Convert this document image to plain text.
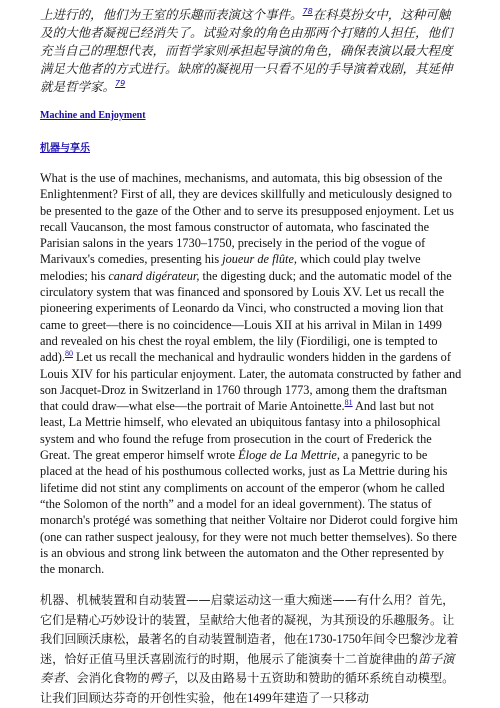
上进行的，他们为王室的乐趣而表演这个事件。$^{78}$在科莫扮女中，这种可触及的大他者凝视已经消失了。试验对象的角色由那两个打赌的人担任，他们充当自己的理想代表，而哲学家则承担起导演的角色，确保表演以最大程度满足大他者的方式进行。缺席的凝视用一只看不见的手导演着戏剧，其延伸就是哲学家。$^{79}$

Machine and Enjoyment

机器与享乐

What is the use of machines, mechanisms, and automata, this big obsession of the Enlightenment? First of all, they are devices skillfully and meticulously designed to be presented to the gaze of the Other and to serve its presupposed enjoyment. Let us recall Vaucanson, the most famous constructor of automata, who fascinated the Parisian salons in the years 1730–1750, precisely in the period of the vogue of Marivaux's comedies, presenting his joueur de flûte, which could play twelve melodies; his canard digérateur, the digesting duck; and the automatic model of the circulatory system that was financed and sponsored by Louis XV. Let us recall the pioneering experiments of Leonardo da Vinci, who constructed a moving lion that came to greet—there is no coincidence—Louis XII at his arrival in Milan in 1499 and revealed on his chest the royal emblem, the lily (Fiordiligi, one is tempted to add).$^{80}$ Let us recall the mechanical and hydraulic wonders hidden in the gardens of Louis XIV for his particular enjoyment. Later, the automata constructed by father and son Jacquet-Droz in Switzerland in 1760 through 1773, among them the draftsman that could draw—what else—the portrait of Marie Antoinette.$^{81}$ And last but not least, La Mettrie himself, who elevated an ubiquitous fantasy into a philosophical system and who found the refuge from prosecution in the court of Frederick the Great. The great emperor himself wrote Éloge de La Mettrie, a panegyric to be placed at the head of his posthumous collected works, just as La Mettrie during his lifetime did not stint any compliments on account of the emperor (whom he called “the Solomon of the north” and a model for an ideal government). The status of monarch's protégé was something that neither Voltaire nor Diderot could forgive him (one can rather suspect jealousy, for they were not much better themselves). So there is an obvious and strong link between the automaton and the Other represented by the monarch.

机器、机械装置和自动装置——启蒙运动这一重大痴迷——有什么用？首先，它们是精心巧妙设计的装置，呈献给大他者的凝视，为其预设的乐趣服务。让我们回顾沃康松，最著名的自动装置制造者，他在1730-1750年间令巴黎沙龙着迷，恰好正值马里沃喜剧流行的时期，他展示了能演奏十二首旋律曲的笛子演奏者、会消化食物的鸭子，以及由路易十五资助和赞助的循环系统自动模型。让我们回顾达芬奇的开创性实验，他在1499年建造了一只移动
